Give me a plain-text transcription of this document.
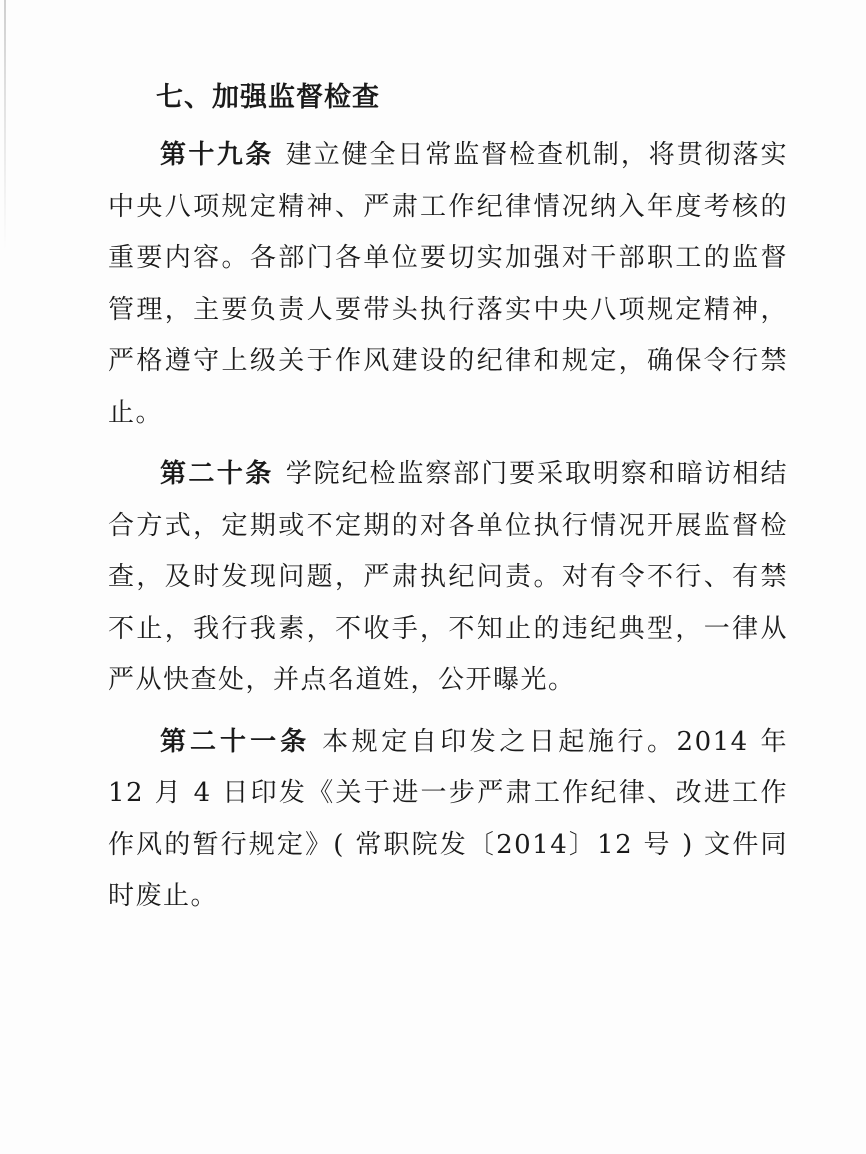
七、加强监督检查

第十九条 建立健全日常监督检查机制，将贯彻落实中央八项规定精神、严肃工作纪律情况纳入年度考核的重要内容。各部门各单位要切实加强对干部职工的监督管理，主要负责人要带头执行落实中央八项规定精神，严格遵守上级关于作风建设的纪律和规定，确保令行禁止。

第二十条 学院纪检监察部门要采取明察和暗访相结合方式，定期或不定期的对各单位执行情况开展监督检查，及时发现问题，严肃执纪问责。对有令不行、有禁不止，我行我素，不收手，不知止的违纪典型，一律从严从快查处，并点名道姓，公开曝光。

第二十一条 本规定自印发之日起施行。2014 年 12 月 4 日印发《关于进一步严肃工作纪律、改进工作作风的暂行规定》( 常职院发〔2014〕12 号 ) 文件同时废止。
